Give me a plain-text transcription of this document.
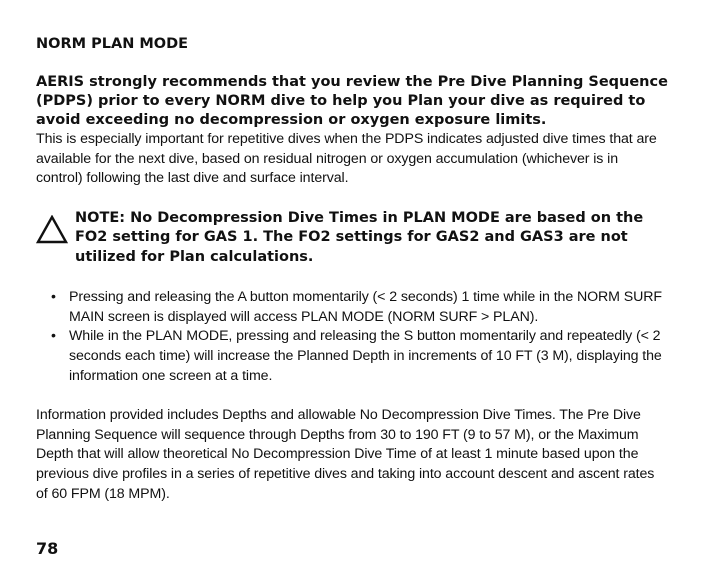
NORM PLAN MODE

AERIS strongly recommends that you review the Pre Dive Planning Sequence (PDPS) prior to every NORM dive to help you Plan your dive as required to avoid exceeding no decompression or oxygen exposure limits.

This is especially important for repetitive dives when the PDPS indicates adjusted dive times that are available for the next dive, based on residual nitrogen or oxygen accumulation (whichever is in control) following the last dive and surface interval.

NOTE: No Decompression Dive Times in PLAN MODE are based on the FO2 setting for GAS 1. The FO2 settings for GAS2 and GAS3 are not utilized for Plan calculations.
• Pressing and releasing the A button momentarily (< 2 seconds) 1 time while in the NORM SURF MAIN screen is displayed will access PLAN MODE (NORM SURF > PLAN).
• While in the PLAN MODE, pressing and releasing the S button momentarily and repeatedly (< 2 seconds each time) will increase the Planned Depth in increments of 10 FT (3 M), displaying the information one screen at a time.

Information provided includes Depths and allowable No Decompression Dive Times. The Pre Dive Planning Sequence will sequence through Depths from 30 to 190 FT (9 to 57 M), or the Maximum Depth that will allow theoretical No Decompression Dive Time of at least 1 minute based upon the previous dive profiles in a series of repetitive dives and taking into account descent and ascent rates of 60 FPM (18 MPM).

78
